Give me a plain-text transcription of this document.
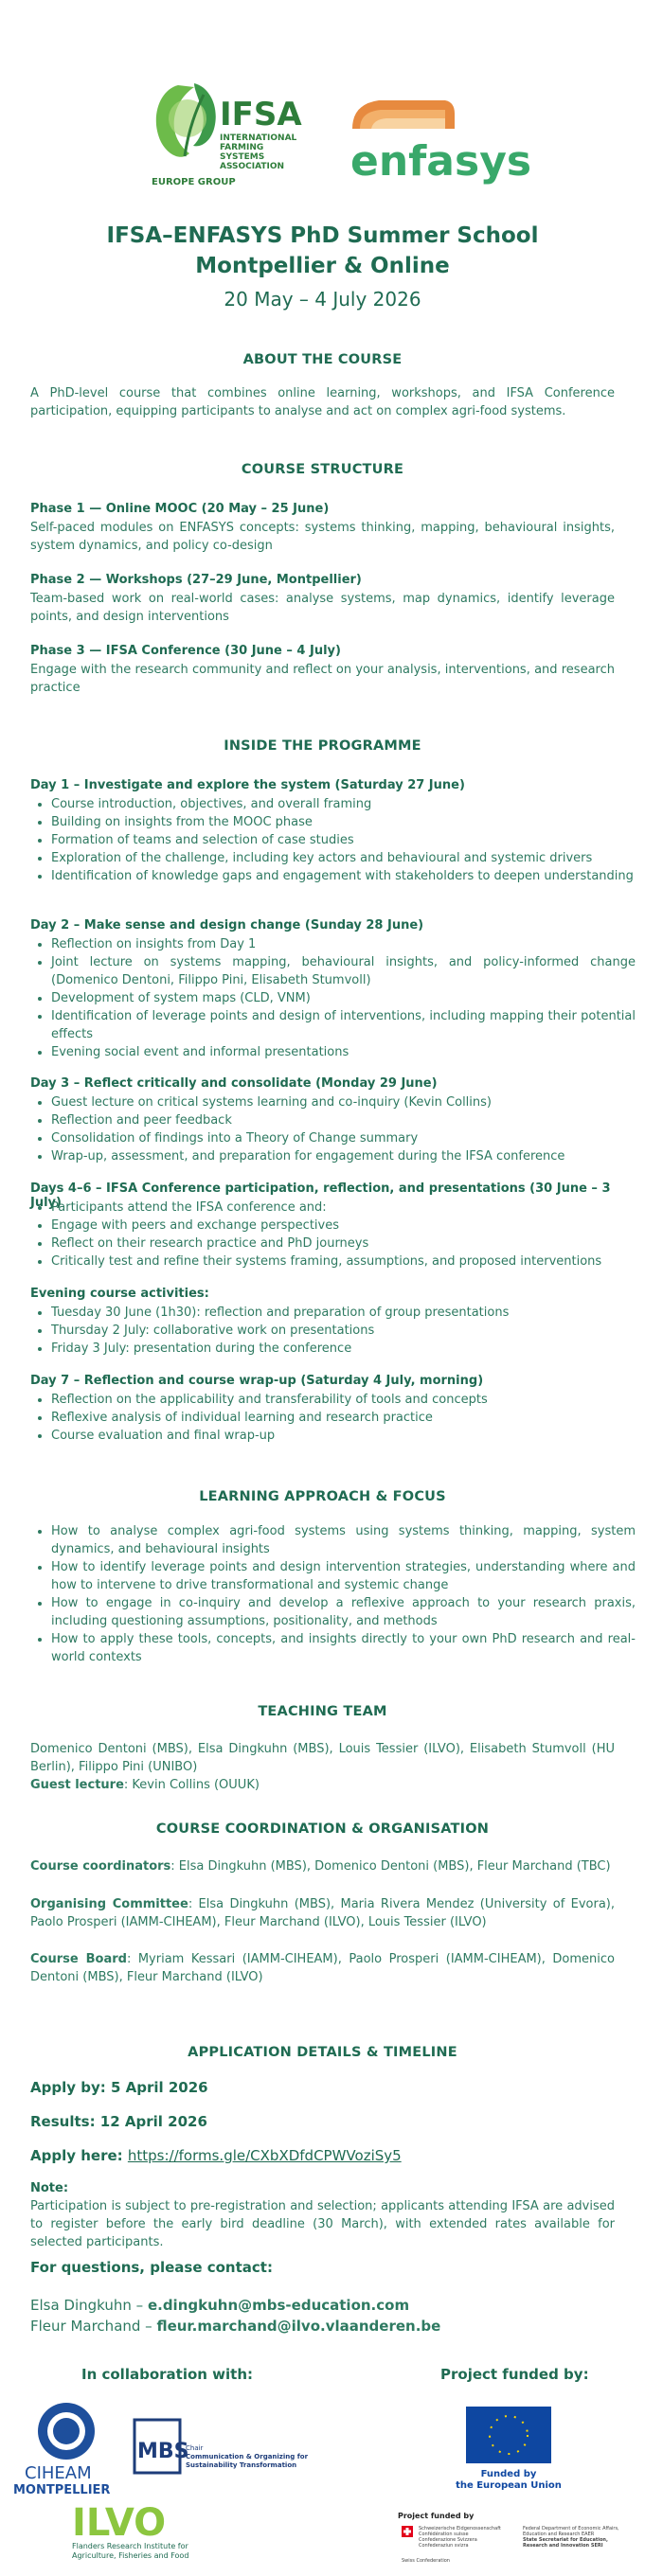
IFSA
INTERNATIONAL
FARMING
SYSTEMS
ASSOCIATION
EUROPE GROUP	enfasys
IFSA–ENFASYS PhD Summer School
Montpellier & Online
20 May – 4 July 2026
ABOUT THE COURSE
A PhD-level course that combines online learning, workshops, and IFSA Conference participation, equipping participants to analyse and act on complex agri-food systems.
COURSE STRUCTURE
Phase 1 — Online MOOC (20 May – 25 June)
Self-paced modules on ENFASYS concepts: systems thinking, mapping, behavioural insights, system dynamics, and policy co-design
Phase 2 — Workshops (27–29 June, Montpellier)
Team-based work on real-world cases: analyse systems, map dynamics, identify leverage points, and design interventions
Phase 3 — IFSA Conference (30 June – 4 July)
Engage with the research community and reflect on your analysis, interventions, and research practice
INSIDE THE PROGRAMME
Day 1 – Investigate and explore the system (Saturday 27 June)
• Course introduction, objectives, and overall framing
• Building on insights from the MOOC phase
• Formation of teams and selection of case studies
• Exploration of the challenge, including key actors and behavioural and systemic drivers
• Identification of knowledge gaps and engagement with stakeholders to deepen understanding
Day 2 – Make sense and design change (Sunday 28 June)
• Reflection on insights from Day 1
• Joint lecture on systems mapping, behavioural insights, and policy-informed change (Domenico Dentoni, Filippo Pini, Elisabeth Stumvoll)
• Development of system maps (CLD, VNM)
• Identification of leverage points and design of interventions, including mapping their potential effects
• Evening social event and informal presentations
Day 3 – Reflect critically and consolidate (Monday 29 June)
• Guest lecture on critical systems learning and co-inquiry (Kevin Collins)
• Reflection and peer feedback
• Consolidation of findings into a Theory of Change summary
• Wrap-up, assessment, and preparation for engagement during the IFSA conference
Days 4–6 – IFSA Conference participation, reflection, and presentations (30 June – 3 July)
• Participants attend the IFSA conference and:
• Engage with peers and exchange perspectives
• Reflect on their research practice and PhD journeys
• Critically test and refine their systems framing, assumptions, and proposed interventions
Evening course activities:
• Tuesday 30 June (1h30): reflection and preparation of group presentations
• Thursday 2 July: collaborative work on presentations
• Friday 3 July: presentation during the conference
Day 7 – Reflection and course wrap-up (Saturday 4 July, morning)
• Reflection on the applicability and transferability of tools and concepts
• Reflexive analysis of individual learning and research practice
• Course evaluation and final wrap-up
LEARNING APPROACH & FOCUS
• How to analyse complex agri-food systems using systems thinking, mapping, system dynamics, and behavioural insights
• How to identify leverage points and design intervention strategies, understanding where and how to intervene to drive transformational and systemic change
• How to engage in co-inquiry and develop a reflexive approach to your research praxis, including questioning assumptions, positionality, and methods
• How to apply these tools, concepts, and insights directly to your own PhD research and real-world contexts
TEACHING TEAM
Domenico Dentoni (MBS), Elsa Dingkuhn (MBS), Louis Tessier (ILVO), Elisabeth Stumvoll (HU Berlin), Filippo Pini (UNIBO)
Guest lecture: Kevin Collins (OUUK)
COURSE COORDINATION & ORGANISATION
Course coordinators: Elsa Dingkuhn (MBS), Domenico Dentoni (MBS), Fleur Marchand (TBC)
Organising Committee: Elsa Dingkuhn (MBS), Maria Rivera Mendez (University of Evora), Paolo Prosperi (IAMM-CIHEAM), Fleur Marchand (ILVO), Louis Tessier (ILVO)
Course Board: Myriam Kessari (IAMM-CIHEAM), Paolo Prosperi (IAMM-CIHEAM), Domenico Dentoni (MBS), Fleur Marchand (ILVO)
APPLICATION DETAILS & TIMELINE
Apply by: 5 April 2026
Results: 12 April 2026
Apply here: https://forms.gle/CXbXDfdCPWVoziSy5
Note:
Participation is subject to pre-registration and selection; applicants attending IFSA are advised to register before the early bird deadline (30 March), with extended rates available for selected participants.
For questions, please contact:
Elsa Dingkuhn – e.dingkuhn@mbs-education.com
Fleur Marchand – fleur.marchand@ilvo.vlaanderen.be
In collaboration with:	Project funded by:
CIHEAM
MONTPELLIER
MBS
Chair
Communication & Organizing for
Sustainability Transformation
ILVO
Flanders Research Institute for
Agriculture, Fisheries and Food
Funded by
the European Union
Project funded by
Schweizerische Eidgenossenschaft
Confédération suisse
Confederazione Svizzera
Confederaziun svizra
Federal Department of Economic Affairs,
Education and Research EAER
State Secretariat for Education,
Research and Innovation SERI
Swiss Confederation
